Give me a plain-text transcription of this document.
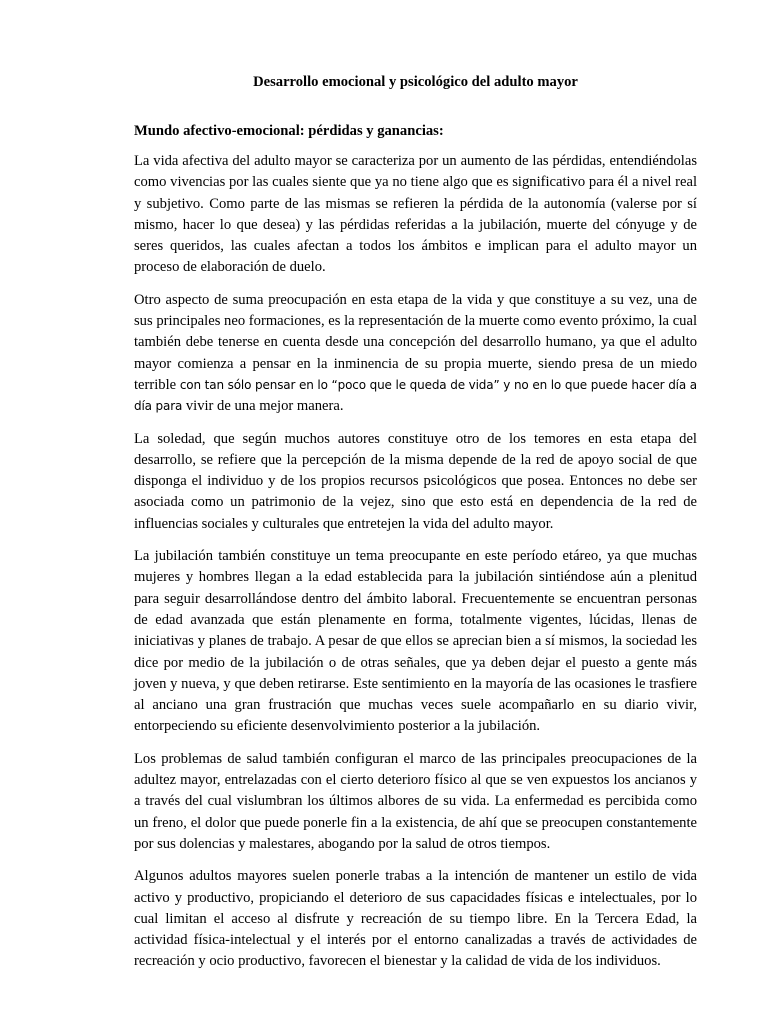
Desarrollo emocional y psicológico del adulto mayor

Mundo afectivo-emocional: pérdidas y ganancias:

La vida afectiva del adulto mayor se caracteriza por un aumento de las pérdidas, entendiéndolas como vivencias por las cuales siente que ya no tiene algo que es significativo para él a nivel real y subjetivo. Como parte de las mismas se refieren la pérdida de la autonomía (valerse por sí mismo, hacer lo que desea) y las pérdidas referidas a la jubilación, muerte del cónyuge y de seres queridos, las cuales afectan a todos los ámbitos e implican para el adulto mayor un proceso de elaboración de duelo.

Otro aspecto de suma preocupación en esta etapa de la vida y que constituye a su vez, una de sus principales neo formaciones, es la representación de la muerte como evento próximo, la cual también debe tenerse en cuenta desde una concepción del desarrollo humano, ya que el adulto mayor comienza a pensar en la inminencia de su propia muerte, siendo presa de un miedo terrible con tan sólo pensar en lo “poco que le queda de vida” y no en lo que puede hacer día a día para vivir de una mejor manera.

La soledad, que según muchos autores constituye otro de los temores en esta etapa del desarrollo, se refiere que la percepción de la misma depende de la red de apoyo social de que disponga el individuo y de los propios recursos psicológicos que posea. Entonces no debe ser asociada como un patrimonio de la vejez, sino que esto está en dependencia de la red de influencias sociales y culturales que entretejen la vida del adulto mayor.

La jubilación también constituye un tema preocupante en este período etáreo, ya que muchas mujeres y hombres llegan a la edad establecida para la jubilación sintiéndose aún a plenitud para seguir desarrollándose dentro del ámbito laboral. Frecuentemente se encuentran personas de edad avanzada que están plenamente en forma, totalmente vigentes, lúcidas, llenas de iniciativas y planes de trabajo. A pesar de que ellos se aprecian bien a sí mismos, la sociedad les dice por medio de la jubilación o de otras señales, que ya deben dejar el puesto a gente más joven y nueva, y que deben retirarse. Este sentimiento en la mayoría de las ocasiones le trasfiere al anciano una gran frustración que muchas veces suele acompañarlo en su diario vivir, entorpeciendo su eficiente desenvolvimiento posterior a la jubilación.

Los problemas de salud también configuran el marco de las principales preocupaciones de la adultez mayor, entrelazadas con el cierto deterioro físico al que se ven expuestos los ancianos y a través del cual vislumbran los últimos albores de su vida. La enfermedad es percibida como un freno, el dolor que puede ponerle fin a la existencia, de ahí que se preocupen constantemente por sus dolencias y malestares, abogando por la salud de otros tiempos.

Algunos adultos mayores suelen ponerle trabas a la intención de mantener un estilo de vida activo y productivo, propiciando el deterioro de sus capacidades físicas e intelectuales, por lo cual limitan el acceso al disfrute y recreación de su tiempo libre. En la Tercera Edad, la actividad física-intelectual y el interés por el entorno canalizadas a través de actividades de recreación y ocio productivo, favorecen el bienestar y la calidad de vida de los individuos.
